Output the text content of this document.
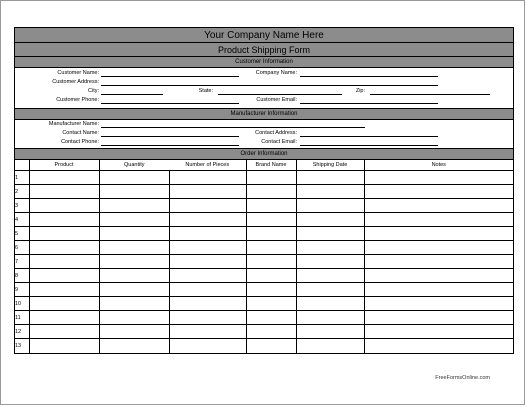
Your Company Name Here
Product Shipping Form
Customer Information
Customer Name:	Company Name:
Customer Address:
City:	State:	Zip:
Customer Phone:	Customer Email:
Manufacturer Information
Manufacturer Name:
Contact Name:	Contact Address:
Contact Phone:	Contact Email:
Order Information
	Product	Quantity	Number of Pieces	Brand Name	Shipping Date	Notes
1						
2						
3						
4						
5						
6						
7						
8						
9						
10						
11						
12						
13						
FreeFormsOnline.com
